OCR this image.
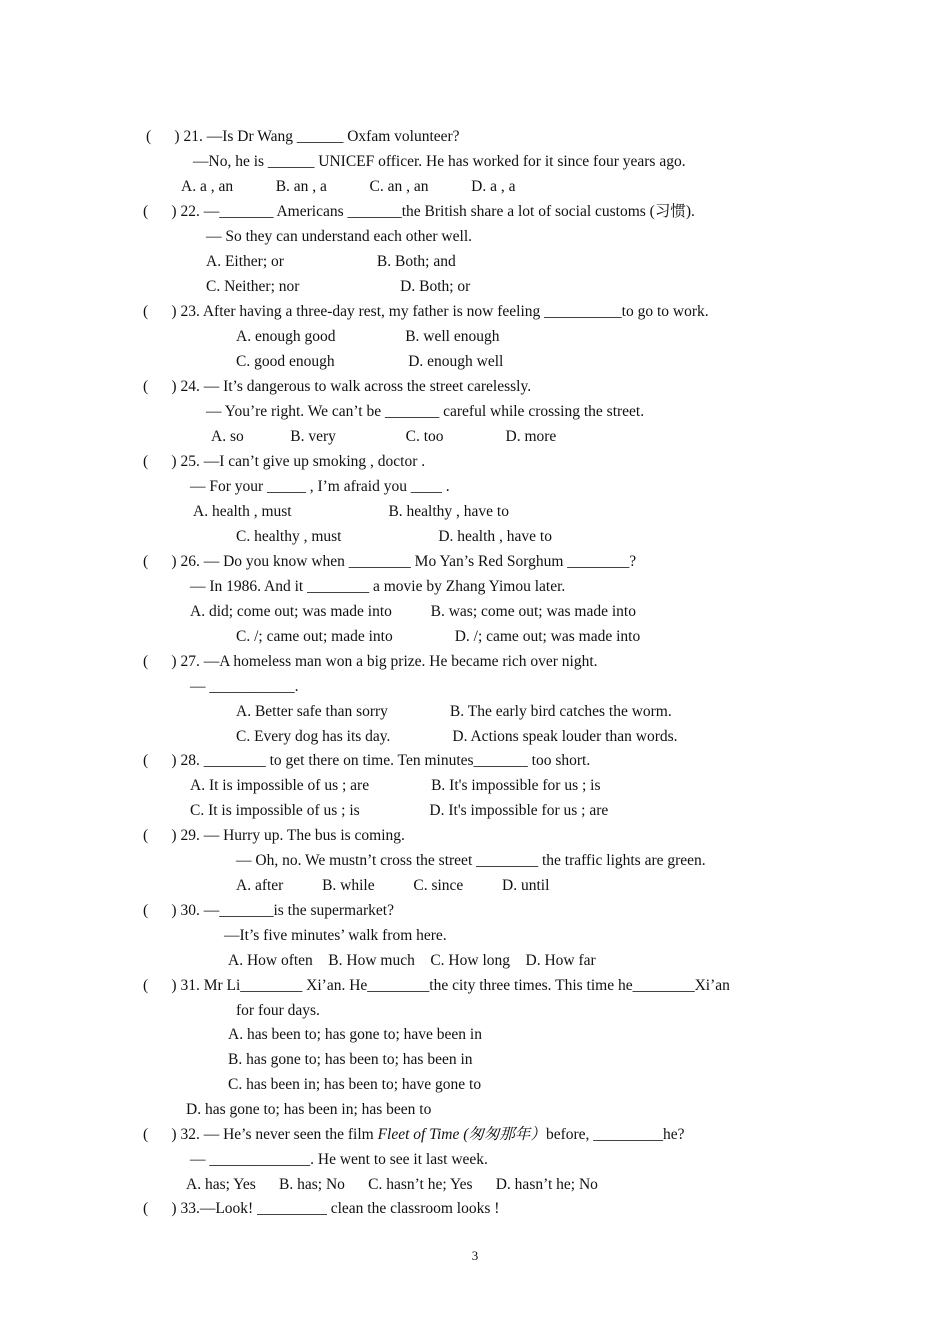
(      ) 21. —Is Dr Wang ______ Oxfam volunteer?
—No, he is ______ UNICEF officer. He has worked for it since four years ago.
A. a , an           B. an , a           C. an , an           D. a , a
(      ) 22. —_______ Americans _______the British share a lot of social customs (习惯).
— So they can understand each other well.
A. Either; or                        B. Both; and
C. Neither; nor                          D. Both; or
(      ) 23. After having a three-day rest, my father is now feeling __________to go to work.
A. enough good                  B. well enough
C. good enough                   D. enough well
(      ) 24. — It’s dangerous to walk across the street carelessly.
— You’re right. We can’t be _______ careful while crossing the street.
A. so            B. very                  C. too                D. more
(      ) 25. —I can’t give up smoking , doctor .
— For your _____ , I’m afraid you ____ .
A. health , must                         B. healthy , have to
C. healthy , must                         D. health , have to
(      ) 26. — Do you know when ________ Mo Yan’s Red Sorghum ________?
— In 1986. And it ________ a movie by Zhang Yimou later.
A. did; come out; was made into          B. was; come out; was made into
C. /; came out; made into                D. /; came out; was made into
(      ) 27. —A homeless man won a big prize. He became rich over night.
— ___________.
A. Better safe than sorry                B. The early bird catches the worm.
C. Every dog has its day.                D. Actions speak louder than words.
(      ) 28. ________ to get there on time. Ten minutes_______ too short.
A. It is impossible of us ; are                B. It's impossible for us ; is
C. It is impossible of us ; is                  D. It's impossible for us ; are
(      ) 29. — Hurry up. The bus is coming.
— Oh, no. We mustn’t cross the street ________ the traffic lights are green.
A. after          B. while          C. since          D. until
(      ) 30. —_______is the supermarket?
—It’s five minutes’ walk from here.
A. How often    B. How much    C. How long    D. How far
(      ) 31. Mr Li________ Xi’an. He________the city three times. This time he________Xi’an
for four days.
A. has been to; has gone to; have been in
B. has gone to; has been to; has been in
C. has been in; has been to; have gone to
D. has gone to; has been in; has been to
(      ) 32. — He’s never seen the film Fleet of Time (匆匆那年）before, _________he?
— _____________. He went to see it last week.
A. has; Yes      B. has; No      C. hasn’t he; Yes      D. hasn’t he; No
(      ) 33.—Look! _________ clean the classroom looks !
3
